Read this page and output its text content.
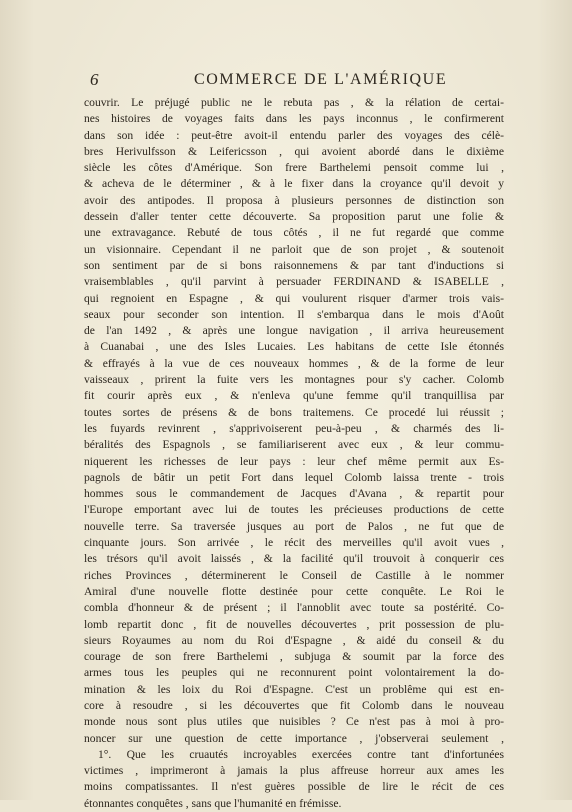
6	COMMERCE DE L'AMÉRIQUE
couvrir. Le préjugé public ne le rebuta pas , & la rélation de certai-
nes histoires de voyages faits dans les pays inconnus , le confirmerent
dans son idée : peut-être avoit-il entendu parler des voyages des célè-
bres Herivulfsson & Leifericsson , qui avoient abordé dans le dixième
siècle les côtes d'Amérique. Son frere Barthelemi pensoit comme lui ,
& acheva de le déterminer , & à le fixer dans la croyance qu'il devoit y
avoir des antipodes. Il proposa à plusieurs personnes de distinction son
dessein d'aller tenter cette découverte. Sa proposition parut une folie &
une extravagance. Rebuté de tous côtés , il ne fut regardé que comme
un visionnaire. Cependant il ne parloit que de son projet , & soutenoit
son sentiment par de si bons raisonnemens & par tant d'inductions si
vraisemblables , qu'il parvint à persuader FERDINAND & ISABELLE ,
qui regnoient en Espagne , & qui voulurent risquer d'armer trois vais-
seaux pour seconder son intention. Il s'embarqua dans le mois d'Août
de l'an 1492 , & après une longue navigation , il arriva heureusement
à Cuanabai , une des Isles Lucaies. Les habitans de cette Isle étonnés
& effrayés à la vue de ces nouveaux hommes , & de la forme de leur
vaisseaux , prirent la fuite vers les montagnes pour s'y cacher. Colomb
fit courir après eux , & n'enleva qu'une femme qu'il tranquillisa par
toutes sortes de présens & de bons traitemens. Ce procedé lui réussit ;
les fuyards revinrent , s'apprivoiserent peu-à-peu , & charmés des li-
béralités des Espagnols , se familiariserent avec eux , & leur commu-
niquerent les richesses de leur pays : leur chef même permit aux Es-
pagnols de bâtir un petit Fort dans lequel Colomb laissa trente - trois
hommes sous le commandement de Jacques d'Avana , & repartit pour
l'Europe emportant avec lui de toutes les précieuses productions de cette
nouvelle terre. Sa traversée jusques au port de Palos , ne fut que de
cinquante jours. Son arrivée , le récit des merveilles qu'il avoit vues ,
les trésors qu'il avoit laissés , & la facilité qu'il trouvoit à conquerir ces
riches Provinces , déterminerent le Conseil de Castille à le nommer
Amiral d'une nouvelle flotte destinée pour cette conquête. Le Roi le
combla d'honneur & de présent ; il l'annoblit avec toute sa postérité. Co-
lomb repartit donc , fit de nouvelles découvertes , prit possession de plu-
sieurs Royaumes au nom du Roi d'Espagne , & aidé du conseil & du
courage de son frere Barthelemi , subjuga & soumit par la force des
armes tous les peuples qui ne reconnurent point volontairement la do-
mination & les loix du Roi d'Espagne. C'est un problême qui est en-
core à resoudre , si les découvertes que fit Colomb dans le nouveau
monde nous sont plus utiles que nuisibles ? Ce n'est pas à moi à pro-
noncer sur une question de cette importance , j'observerai seulement ,
1°. Que les cruautés incroyables exercées contre tant d'infortunées
victimes , imprimeront à jamais la plus affreuse horreur aux ames les
moins compatissantes. Il n'est guères possible de lire le récit de ces
étonnantes conquêtes , sans que l'humanité en frémisse.
